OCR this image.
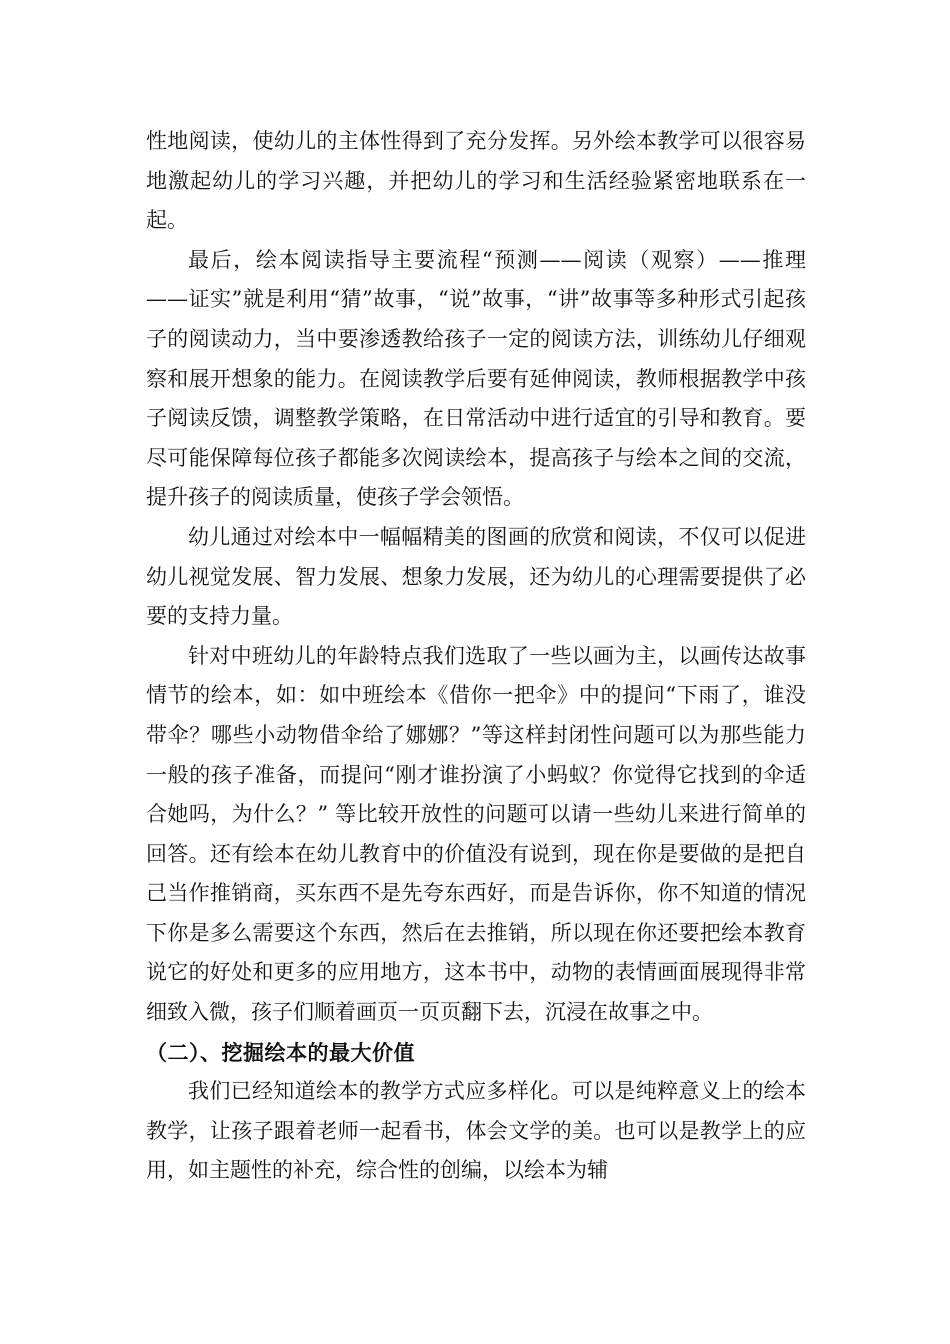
性地阅读，使幼儿的主体性得到了充分发挥。另外绘本教学可以很容易地激起幼儿的学习兴趣，并把幼儿的学习和生活经验紧密地联系在一起。

最后，绘本阅读指导主要流程“预测——阅读（观察）——推理——证实”就是利用“猜”故事，“说”故事，“讲”故事等多种形式引起孩子的阅读动力，当中要渗透教给孩子一定的阅读方法，训练幼儿仔细观察和展开想象的能力。在阅读教学后要有延伸阅读，教师根据教学中孩子阅读反馈，调整教学策略，在日常活动中进行适宜的引导和教育。要尽可能保障每位孩子都能多次阅读绘本，提高孩子与绘本之间的交流，提升孩子的阅读质量，使孩子学会领悟。

幼儿通过对绘本中一幅幅精美的图画的欣赏和阅读，不仅可以促进幼儿视觉发展、智力发展、想象力发展，还为幼儿的心理需要提供了必要的支持力量。

针对中班幼儿的年龄特点我们选取了一些以画为主，以画传达故事情节的绘本，如：如中班绘本《借你一把伞》中的提问“下雨了，谁没带伞？哪些小动物借伞给了娜娜？”等这样封闭性问题可以为那些能力一般的孩子准备，而提问“刚才谁扮演了小蚂蚁？你觉得它找到的伞适合她吗，为什么？” 等比较开放性的问题可以请一些幼儿来进行简单的回答。还有绘本在幼儿教育中的价值没有说到，现在你是要做的是把自己当作推销商，买东西不是先夸东西好，而是告诉你，你不知道的情况下你是多么需要这个东西，然后在去推销，所以现在你还要把绘本教育说它的好处和更多的应用地方，这本书中，动物的表情画面展现得非常细致入微，孩子们顺着画页一页页翻下去，沉浸在故事之中。

（二）、挖掘绘本的最大价值

我们已经知道绘本的教学方式应多样化。可以是纯粹意义上的绘本教学，让孩子跟着老师一起看书，体会文学的美。也可以是教学上的应用，如主题性的补充，综合性的创编，以绘本为辅
